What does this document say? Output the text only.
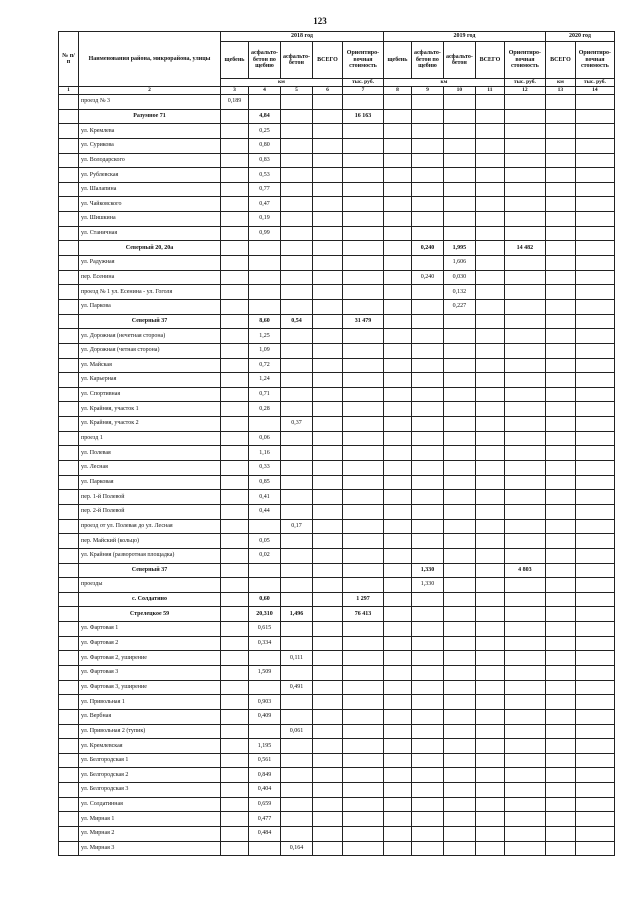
123
№ п/п	Наименования района, микрорайона, улицы	2018 год					2019 год					2020 год	
		щебень	асфальто-бетон по щебню	асфальто-бетон	ВСЕГО	Ориентиро-вочная стоимость	щебень	асфальто-бетон по щебню	асфальто-бетон	ВСЕГО	Ориентиро-вочная стоимость	ВСЕГО	Ориентиро-вочная стоимость
		км				тыс. руб.	км				тыс. руб.	км	тыс. руб.
1	2	3	4	5	6	7	8	9	10	11	12	13	14
	проезд № 3	0,189											
	Разумное 71		4,84			16 163							
	ул. Кремлева		0,25										
	ул. Сурикова		0,80										
	ул. Володарского		0,83										
	ул. Рублевская		0,53										
	ул. Шалапина		0,77										
	ул. Чайковского		0,47										
	ул. Шишкина		0,19										
	ул. Станичная		0,99										
	Северный 20, 20а							0,240	1,995		14 482		
	ул. Радужная								1,606				
	пер. Есенина							0,240	0,030				
	проезд № 1 ул. Есенина - ул. Гоголя								0,132				
	ул. Паркова								0,227				
	Северный 37		8,60	0,54		31 479							
	ул. Дорожная (нечетная сторона)		1,25										
	ул. Дорожная (четная сторона)		1,09										
	ул. Майская		0,72										
	ул. Карьерная		1,24										
	ул. Спортивная		0,71										
	ул. Крайняя, участок 1		0,28										
	ул. Крайняя, участок 2			0,37									
	проезд 1		0,06										
	ул. Полевая		1,16										
	ул. Лесная		0,33										
	ул. Парковая		0,85										
	пер. 1-й Полевой		0,41										
	пер. 2-й Полевой		0,44										
	проезд от ул. Полевая до ул. Лесная			0,17									
	пер. Майский (кольцо)		0,05										
	ул. Крайняя (разворотная площадка)		0,02										
	Северный 37							1,330			4 803		
	проезды							1,330					
	с. Солдатино		0,60			1 297							
	Стрелецкое 59		20,310	1,496		76 413							
	ул. Фартовая 1		0,615										
	ул. Фартовая 2		0,334										
	ул. Фартовая 2, уширение			0,111									
	ул. Фартовая 3		1,509										
	ул. Фартовая 3, уширение			0,491									
	ул. Привольная 1		0,903										
	ул. Вербная		0,409										
	ул. Привольная 2 (тупик)			0,061									
	ул. Кремлевская		1,195										
	ул. Белгородская 1		0,561										
	ул. Белгородская 2		0,849										
	ул. Белгородская 3		0,404										
	ул. Солдатинная		0,659										
	ул. Мирная 1		0,477										
	ул. Мирная 2		0,484										
	ул. Мирная 3			0,164									
